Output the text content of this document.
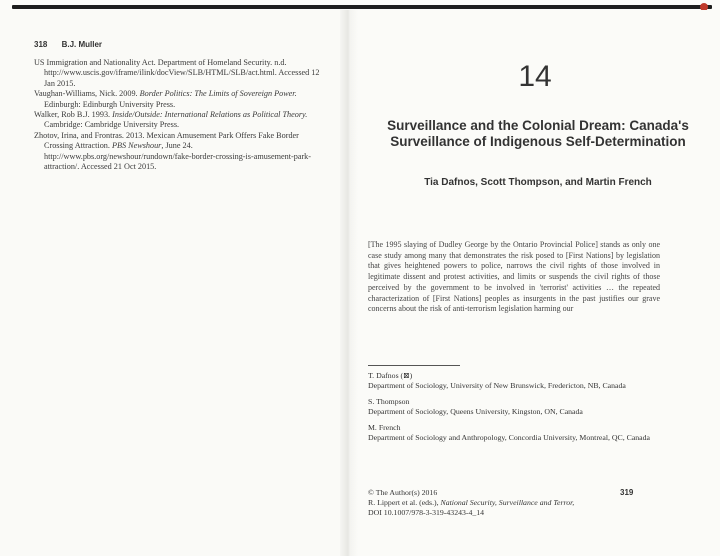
318 B.J. Muller
US Immigration and Nationality Act. Department of Homeland Security. n.d. http://www.uscis.gov/iframe/ilink/docView/SLB/HTML/SLB/act.html. Accessed 12 Jan 2015.
Vaughan-Williams, Nick. 2009. Border Politics: The Limits of Sovereign Power. Edinburgh: Edinburgh University Press.
Walker, Rob B.J. 1993. Inside/Outside: International Relations as Political Theory. Cambridge: Cambridge University Press.
Zhotov, Irina, and Frontras. 2013. Mexican Amusement Park Offers Fake Border Crossing Attraction. PBS Newshour, June 24. http://www.pbs.org/newshour/rundown/fake-border-crossing-is-amusement-park-attraction/. Accessed 21 Oct 2015.
14
Surveillance and the Colonial Dream: Canada's Surveillance of Indigenous Self-Determination
Tia Dafnos, Scott Thompson, and Martin French
[The 1995 slaying of Dudley George by the Ontario Provincial Police] stands as only one case study among many that demonstrates the risk posed to [First Nations] by legislation that gives heightened powers to police, narrows the civil rights of those involved in legitimate dissent and protest activities, and limits or suspends the civil rights of those perceived by the government to be involved in 'terrorist' activities … the repeated characterization of [First Nations] peoples as insurgents in the past justifies our grave concerns about the risk of anti-terrorism legislation harming our
T. Dafnos (⊠)
Department of Sociology, University of New Brunswick, Fredericton, NB, Canada
S. Thompson
Department of Sociology, Queens University, Kingston, ON, Canada
M. French
Department of Sociology and Anthropology, Concordia University, Montreal, QC, Canada
© The Author(s) 2016
R. Lippert et al. (eds.), National Security, Surveillance and Terror,
DOI 10.1007/978-3-319-43243-4_14
319
